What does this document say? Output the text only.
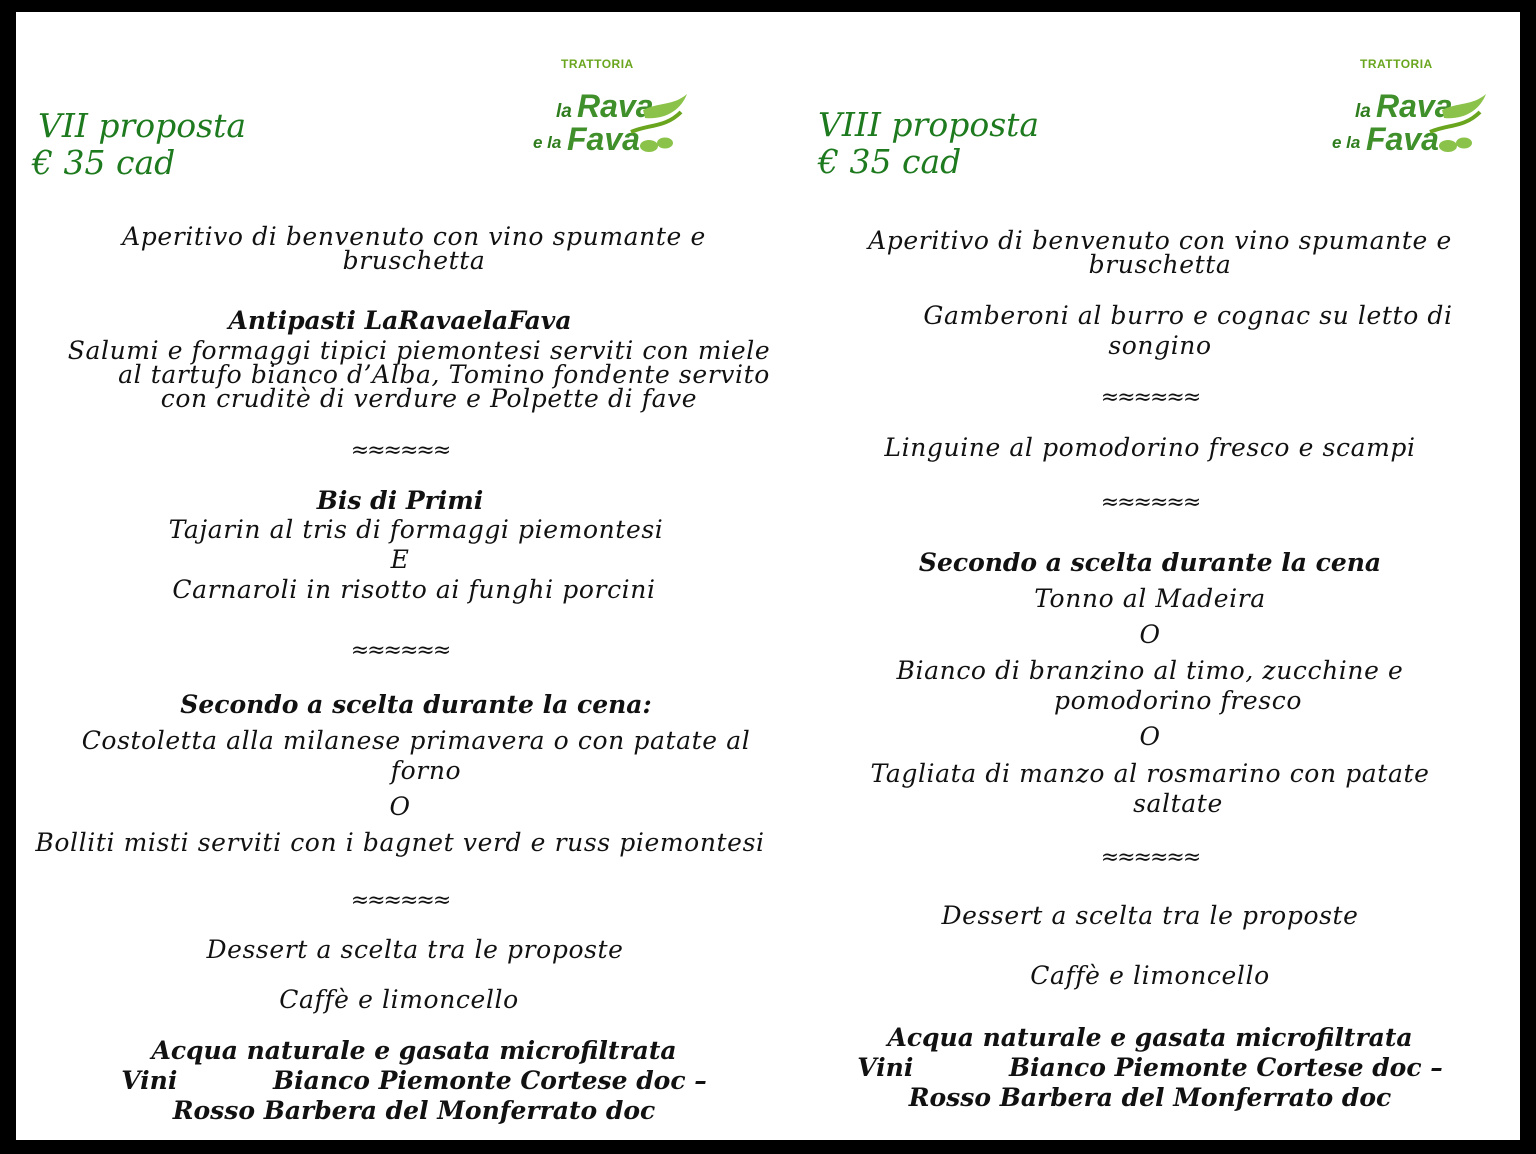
VII proposta

€ 35 cad

TRATTORIA
la Rava
e la Fava

Aperitivo di benvenuto con vino spumante e

bruschetta

Antipasti LaRavaelaFava

Salumi e formaggi tipici piemontesi serviti con miele

al tartufo bianco d’Alba, Tomino fondente servito

con cruditè di verdure e Polpette di fave

≈≈≈≈≈≈

Bis di Primi

Tajarin al tris di formaggi piemontesi

E

Carnaroli in risotto ai funghi porcini

≈≈≈≈≈≈

Secondo a scelta durante la cena:

Costoletta alla milanese primavera o con patate al

forno

O

Bolliti misti serviti con i bagnet verd e russ piemontesi

≈≈≈≈≈≈

Dessert a scelta tra le proposte

Caffè e limoncello

Acqua naturale e gasata microfiltrata

Vini           Bianco Piemonte Cortese doc –

Rosso Barbera del Monferrato doc

VIII proposta

€ 35 cad

TRATTORIA
la Rava
e la Fava

Aperitivo di benvenuto con vino spumante e

bruschetta

Gamberoni al burro e cognac su letto di

songino

≈≈≈≈≈≈

Linguine al pomodorino fresco e scampi

≈≈≈≈≈≈

Secondo a scelta durante la cena

Tonno al Madeira

O

Bianco di branzino al timo, zucchine e

pomodorino fresco

O

Tagliata di manzo al rosmarino con patate

saltate

≈≈≈≈≈≈

Dessert a scelta tra le proposte

Caffè e limoncello

Acqua naturale e gasata microfiltrata

Vini           Bianco Piemonte Cortese doc –

Rosso Barbera del Monferrato doc
